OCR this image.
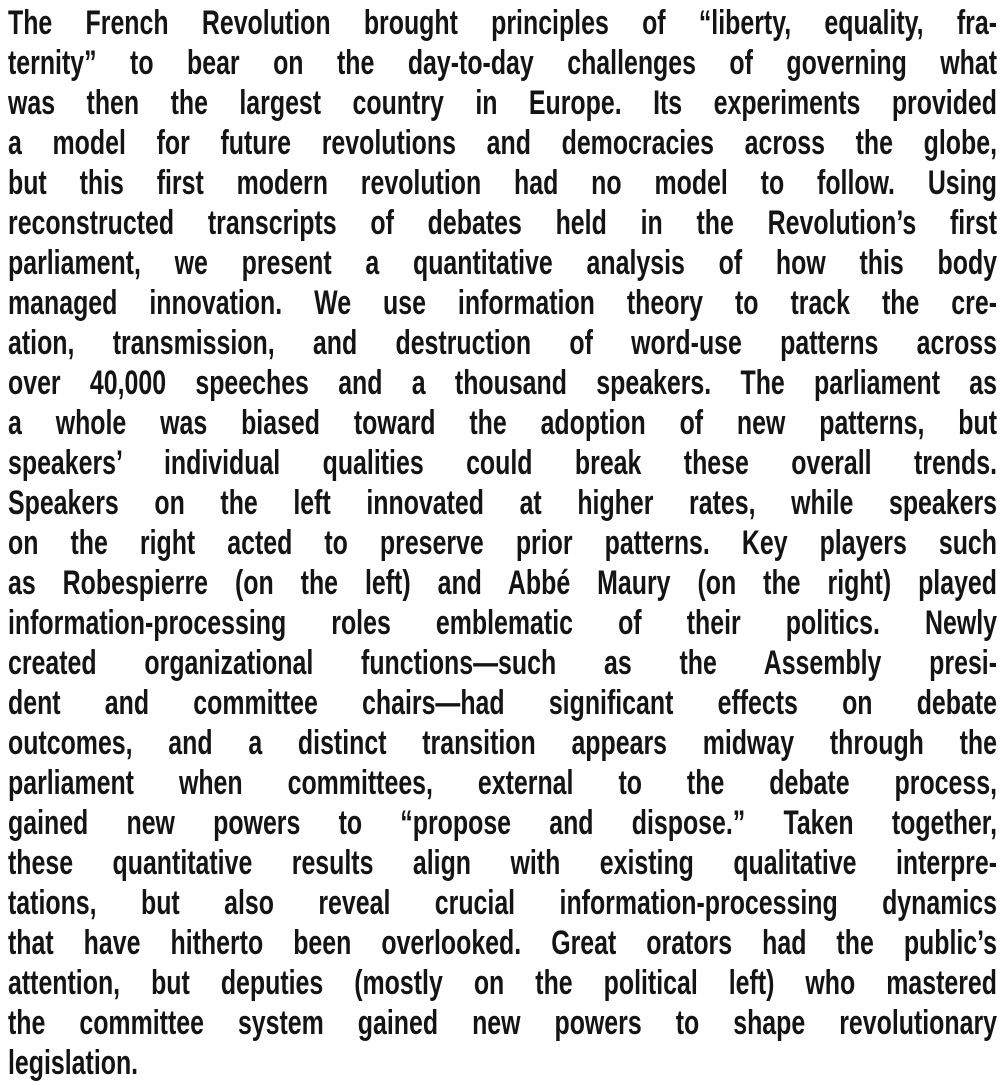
The French Revolution brought principles of “liberty, equality, fra-
ternity” to bear on the day-to-day challenges of governing what
was then the largest country in Europe. Its experiments provided
a model for future revolutions and democracies across the globe,
but this first modern revolution had no model to follow. Using
reconstructed transcripts of debates held in the Revolution’s first
parliament, we present a quantitative analysis of how this body
managed innovation. We use information theory to track the cre-
ation, transmission, and destruction of word-use patterns across
over 40,000 speeches and a thousand speakers. The parliament as
a whole was biased toward the adoption of new patterns, but
speakers’ individual qualities could break these overall trends.
Speakers on the left innovated at higher rates, while speakers
on the right acted to preserve prior patterns. Key players such
as Robespierre (on the left) and Abbé Maury (on the right) played
information-processing roles emblematic of their politics. Newly
created organizational functions—such as the Assembly presi-
dent and committee chairs—had significant effects on debate
outcomes, and a distinct transition appears midway through the
parliament when committees, external to the debate process,
gained new powers to “propose and dispose.” Taken together,
these quantitative results align with existing qualitative interpre-
tations, but also reveal crucial information-processing dynamics
that have hitherto been overlooked. Great orators had the public’s
attention, but deputies (mostly on the political left) who mastered
the committee system gained new powers to shape revolutionary
legislation.
